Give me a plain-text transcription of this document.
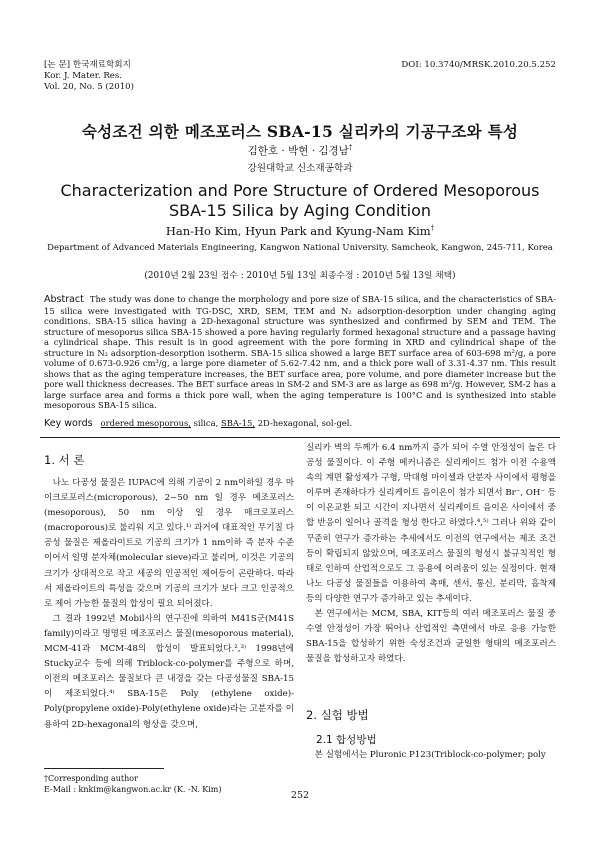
[논 문] 한국재료학회지
Kor. J. Mater. Res.
Vol. 20, No. 5 (2010)
DOI: 10.3740/MRSK.2010.20.5.252
숙성조건 의한 메조포러스 SBA-15 실리카의 기공구조와 특성
김한호 · 박현 · 김경남†
강원대학교 신소재공학과
Characterization and Pore Structure of Ordered Mesoporous
SBA-15 Silica by Aging Condition
Han-Ho Kim, Hyun Park and Kyung-Nam Kim†
Department of Advanced Materials Engineering, Kangwon National University. Samcheok, Kangwon, 245-711, Korea
(2010년 2월 23일 접수 : 2010년 5월 13일 최종수정 : 2010년 5월 13일 채택)
Abstract The study was done to change the morphology and pore size of SBA-15 silica, and the characteristics of SBA-15 silica were investigated with TG-DSC, XRD, SEM, TEM and N₂ adsorption-desorption under changing aging conditions. SBA-15 silica having a 2D-hexagonal structure was synthesized and confirmed by SEM and TEM. The structure of mesoporus silica SBA-15 showed a pore having regularly formed hexagonal structure and a passage having a cylindrical shape. This result is in good agreement with the pore forming in XRD and cylindrical shape of the structure in N₂ adsorption-desorption isotherm. SBA-15 silica showed a large BET surface area of 603-698 m²/g, a pore volume of 0.673-0.926 cm³/g, a large pore diameter of 5.62-7.42 nm, and a thick pore wall of 3.31-4.37 nm. This result shows that as the aging temperature increases, the BET surface area, pore volume, and pore diameter increase but the pore wall thickness decreases. The BET surface areas in SM-2 and SM-3 are as large as 698 m²/g. However, SM-2 has a large surface area and forms a thick pore wall, when the aging temperature is 100°C and is synthesized into stable mesoporous SBA-15 silica.
Key words ordered mesoporous, silica, SBA-15, 2D-hexagonal, sol-gel.
1. 서 론

나노 다공성 물질은 IUPAC에 의해 기공이 2 nm이하일 경우 마이크로포러스(microporous), 2~50 nm 일 경우 메조포러스(mesoporous), 50 nm 이상 일 경우 매크로포러스(macroporous)로 불리워 지고 있다.¹⁾ 과거에 대표적인 무기질 다공성 물질은 제올라이트로 기공의 크기가 1 nm이하 즉 분자 수준이어서 일명 분자체(molecular sieve)라고 불리며, 이것은 기공의 크기가 상대적으로 작고 세공의 인공적인 제어등이 곤란하다. 따라서 제올라이트의 특성을 갖으며 기공의 크기가 보다 크고 인공적으로 제어 가능한 물질의 합성이 필요 되어졌다.

그 결과 1992년 Mobil사의 연구진에 의하여 M41S군(M41S family)이라고 명명된 메조포러스 물질(mesoporous material), MCM-41과 MCM-48의 합성이 발표되었다.²,³⁾ 1998년에 Stucky교수 등에 의해 Triblock-co-polymer를 주형으로 하며, 이전의 메조포러스 물질보다 큰 내경을 갖는 다공성물질 SBA-15이 제조되었다.⁴⁾ SBA-15은 Poly (ethylene oxide)-Poly(propylene oxide)-Poly(ethylene oxide)라는 고분자를 이용하여 2D-hexagonal의 형상을 갖으며,

실리카 벽의 두께가 6.4 nm까지 증가 되어 수열 안정성이 높은 다공성 물질이다. 이 주형 메커니즘은 실리케이드 첨가 이전 수용액 속의 계면 활성제가 구형, 막대형 마이셀과 단분자 사이에서 평형을 이루며 존재하다가 실리케이트 음이온이 첨가 되면서 Br⁻, OH⁻ 등이 이온교환 되고 시간이 지나면서 실리케이트 음이온 사이에서 중합 반응이 일어나 골격을 형성 한다고 하였다.⁴,⁵⁾ 그러나 위와 같이 꾸준히 연구가 증가하는 추세에서도 이전의 연구에서는 제조 조건등이 확립되지 않았으며, 메조포러스 물질의 형성시 불규칙적인 형태로 인하여 산업적으로도 그 응용에 어려움이 있는 실정이다. 현재 나노 다공성 물질들을 이용하여 촉매, 센서, 통신, 분리막, 흡착제 등의 다양한 연구가 증가하고 있는 추세이다.

본 연구에서는 MCM, SBA, KIT등의 여러 메조포러스 물질 중 수열 안정성이 가장 뛰어나 산업적인 측면에서 바로 응용 가능한 SBA-15을 합성하기 위한 숙성조건과 균일한 형태의 메조포러스 물질을 합성하고자 하였다.

2. 실험 방법
2.1 합성방법
본 실험에서는 Pluronic P123(Triblock-co-polymer; poly
†Corresponding author
E-Mail : knkim@kangwon.ac.kr (K. -N. Kim)
252
